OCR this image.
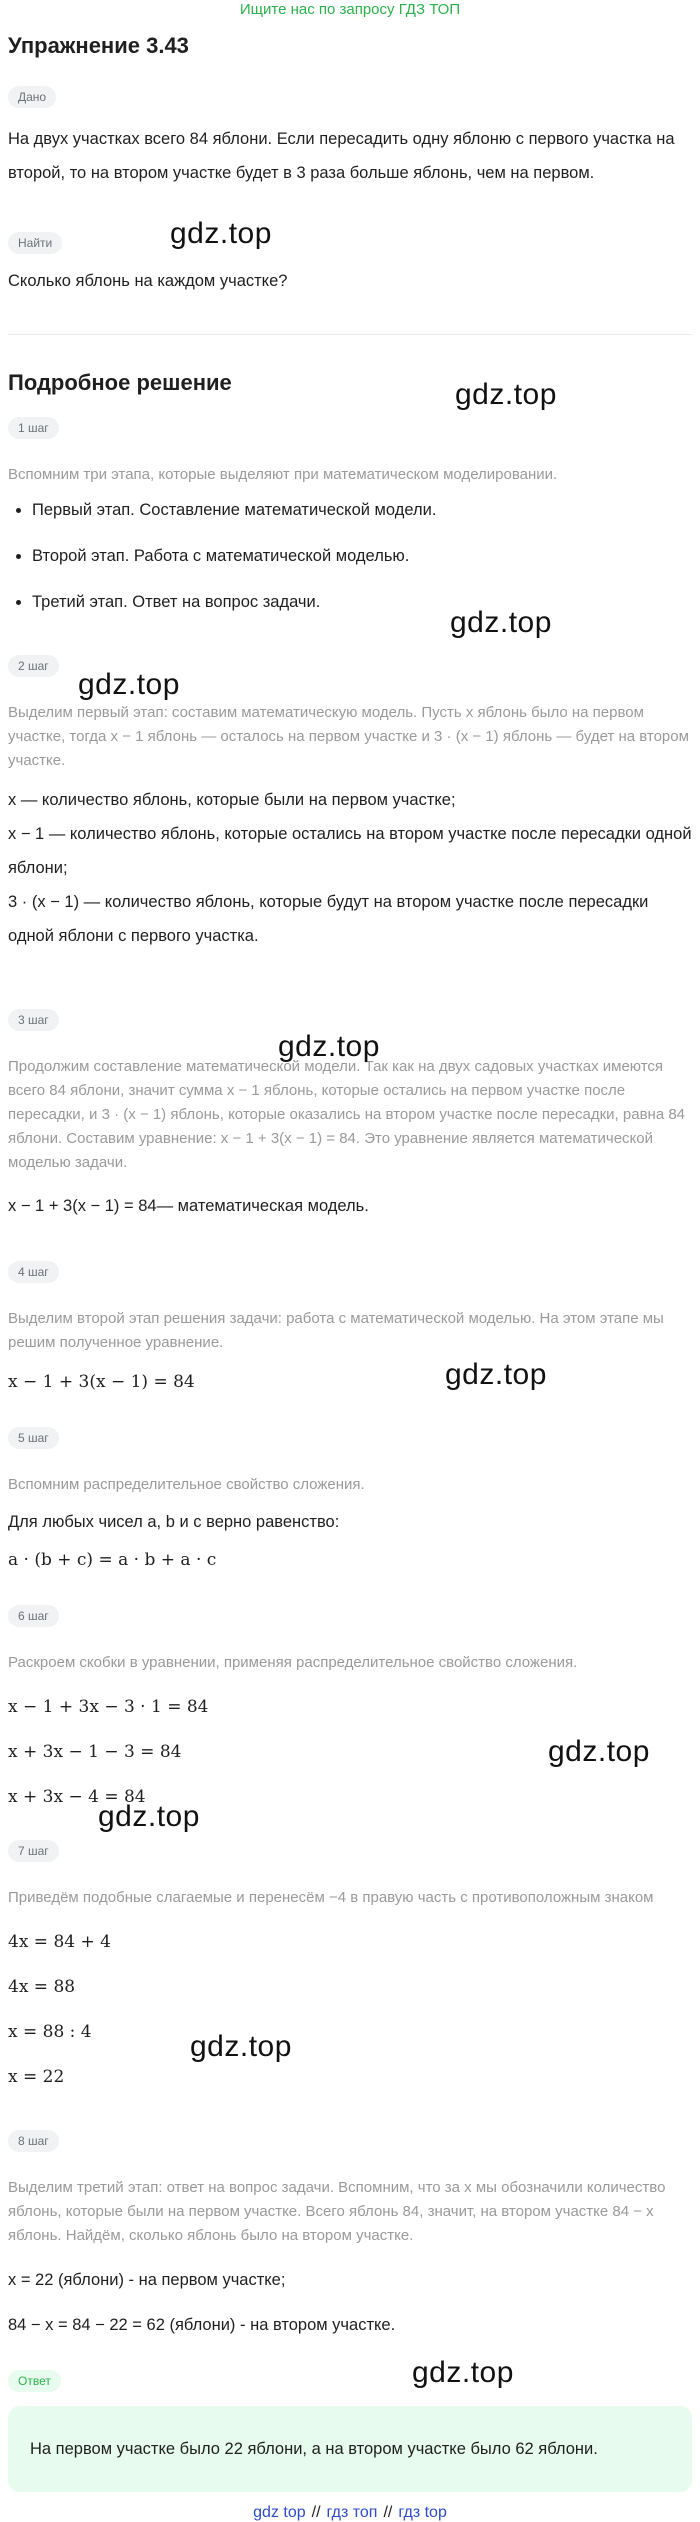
Ищите нас по запросу ГДЗ ТОП
Упражнение 3.43
Дано

На двух участках всего 84 яблони. Если пересадить одну яблоню с первого участка на второй, то на втором участке будет в 3 раза больше яблонь, чем на первом.

Найти

Сколько яблонь на каждом участке?

Подробное решение
1 шаг
Вспомним три этапа, которые выделяют при математическом моделировании.
• Первый этап. Составление математической модели.
• Второй этап. Работа с математической моделью.
• Третий этап. Ответ на вопрос задачи.
2 шаг
Выделим первый этап: составим математическую модель. Пусть x яблонь было на первом участке, тогда x − 1 яблонь — осталось на первом участке и 3 · (x − 1) яблонь — будет на втором участке.

x — количество яблонь, которые были на первом участке;

x − 1 — количество яблонь, которые остались на втором участке после пересадки одной яблони;

3 · (x − 1) — количество яблонь, которые будут на втором участке после пересадки одной яблони с первого участка.

3 шаг
Продолжим составление математической модели. Так как на двух садовых участках имеются всего 84 яблони, значит сумма x − 1 яблонь, которые остались на первом участке после пересадки, и 3 · (x − 1) яблонь, которые оказались на втором участке после пересадки, равна 84 яблони. Составим уравнение: x − 1 + 3(x − 1) = 84. Это уравнение является математической моделью задачи.

x − 1 + 3(x − 1) = 84— математическая модель.

4 шаг
Выделим второй этап решения задачи: работа с математической моделью. На этом этапе мы решим полученное уравнение.

x − 1 + 3(x − 1) = 84

5 шаг
Вспомним распределительное свойство сложения.

Для любых чисел a, b и c верно равенство:

a · (b + c) = a · b + a · c

6 шаг
Раскроем скобки в уравнении, применяя распределительное свойство сложения.

x − 1 + 3x − 3 · 1 = 84

x + 3x − 1 − 3 = 84

x + 3x − 4 = 84

7 шаг
Приведём подобные слагаемые и перенесём −4 в правую часть с противоположным знаком

4x = 84 + 4

4x = 88

x = 88 : 4

x = 22

8 шаг
Выделим третий этап: ответ на вопрос задачи. Вспомним, что за x мы обозначили количество яблонь, которые были на первом участке. Всего яблонь 84, значит, на втором участке 84 − x яблонь. Найдём, сколько яблонь было на втором участке.

x = 22 (яблони) - на первом участке;

84 − x = 84 − 22 = 62 (яблони) - на втором участке.

Ответ
На первом участке было 22 яблони, а на втором участке было 62 яблони.
gdz top // гдз топ // гдз top
gdz.top
gdz.top
gdz.top
gdz.top
gdz.top
gdz.top
gdz.top
gdz.top
gdz.top
gdz.top
